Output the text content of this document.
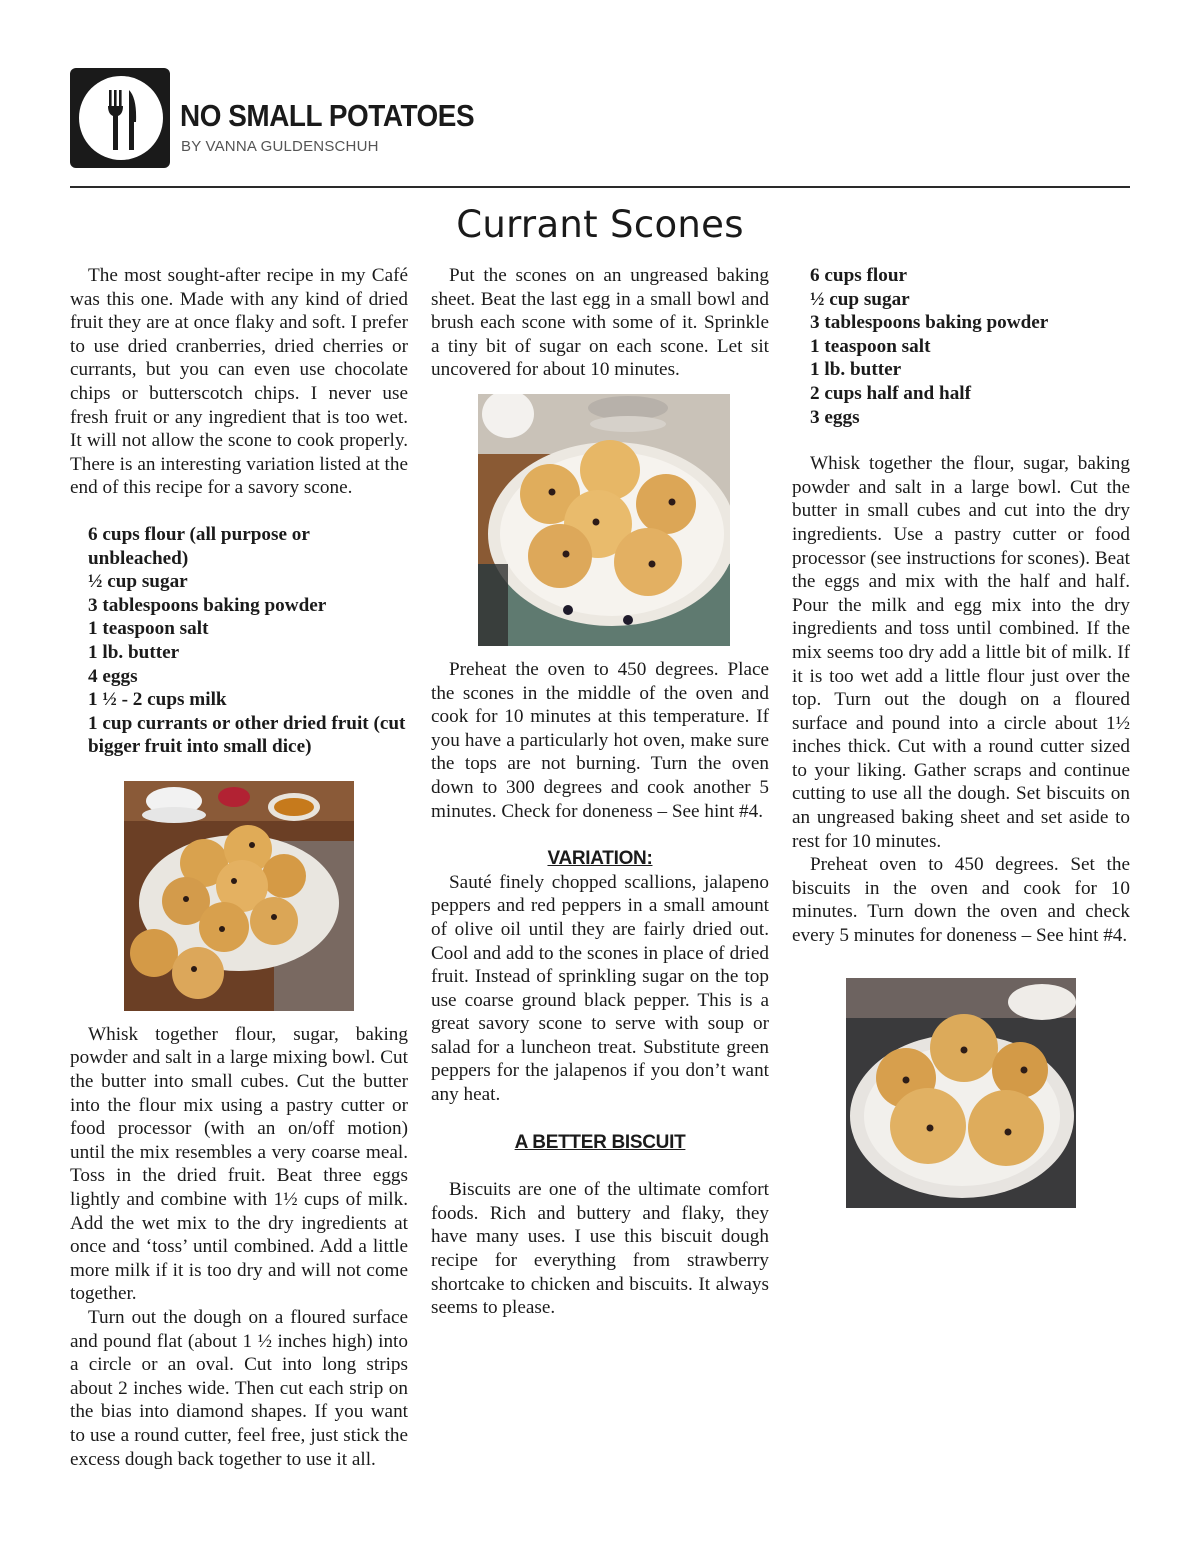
NO SMALL POTATOES
BY VANNA GULDENSCHUH
Currant Scones

The most sought-after recipe in my Café was this one. Made with any kind of dried fruit they are at once flaky and soft. I prefer to use dried cranberries, dried cherries or currants, but you can even use chocolate chips or butterscotch chips. I never use fresh fruit or any ingredient that is too wet. It will not allow the scone to cook properly. There is an interesting variation listed at the end of this recipe for a savory scone.

6 cups flour (all purpose or unbleached)
½ cup sugar
3 tablespoons baking powder
1 teaspoon salt
1 lb. butter
4 eggs
1 ½ - 2 cups milk
1 cup currants or other dried fruit (cut bigger fruit into small dice)

Whisk together flour, sugar, baking powder and salt in a large mixing bowl. Cut the butter into small cubes. Cut the butter into the flour mix using a pastry cutter or food processor (with an on/off motion) until the mix resembles a very coarse meal. Toss in the dried fruit. Beat three eggs lightly and combine with 1½ cups of milk. Add the wet mix to the dry ingredients at once and ‘toss’ until combined. Add a little more milk if it is too dry and will not come together.

Turn out the dough on a floured surface and pound flat (about 1 ½ inches high) into a circle or an oval. Cut into long strips about 2 inches wide. Then cut each strip on the bias into diamond shapes. If you want to use a round cutter, feel free, just stick the excess dough back together to use it all.

Put the scones on an ungreased baking sheet. Beat the last egg in a small bowl and brush each scone with some of it. Sprinkle a tiny bit of sugar on each scone. Let sit uncovered for about 10 minutes.

Preheat the oven to 450 degrees. Place the scones in the middle of the oven and cook for 10 minutes at this temperature. If you have a particularly hot oven, make sure the tops are not burning. Turn the oven down to 300 degrees and cook another 5 minutes. Check for doneness – See hint #4.

VARIATION:

Sauté finely chopped scallions, jalapeno peppers and red peppers in a small amount of olive oil until they are fairly dried out. Cool and add to the scones in place of dried fruit. Instead of sprinkling sugar on the top use coarse ground black pepper. This is a great savory scone to serve with soup or salad for a luncheon treat. Substitute green peppers for the jalapenos if you don’t want any heat.

A BETTER BISCUIT

Biscuits are one of the ultimate comfort foods. Rich and buttery and flaky, they have many uses. I use this biscuit dough recipe for everything from strawberry shortcake to chicken and biscuits. It always seems to please.

6 cups flour
½ cup sugar
3 tablespoons baking powder
1 teaspoon salt
1 lb. butter
2 cups half and half
3 eggs

Whisk together the flour, sugar, baking powder and salt in a large bowl. Cut the butter in small cubes and cut into the dry ingredients. Use a pastry cutter or food processor (see instructions for scones). Beat the eggs and mix with the half and half. Pour the milk and egg mix into the dry ingredients and toss until combined. If the mix seems too dry add a little bit of milk. If it is too wet add a little flour just over the top. Turn out the dough on a floured surface and pound into a circle about 1½ inches thick. Cut with a round cutter sized to your liking. Gather scraps and continue cutting to use all the dough. Set biscuits on an ungreased baking sheet and set aside to rest for 10 minutes.

Preheat oven to 450 degrees. Set the biscuits in the oven and cook for 10 minutes. Turn down the oven and check every 5 minutes for doneness – See hint #4.
